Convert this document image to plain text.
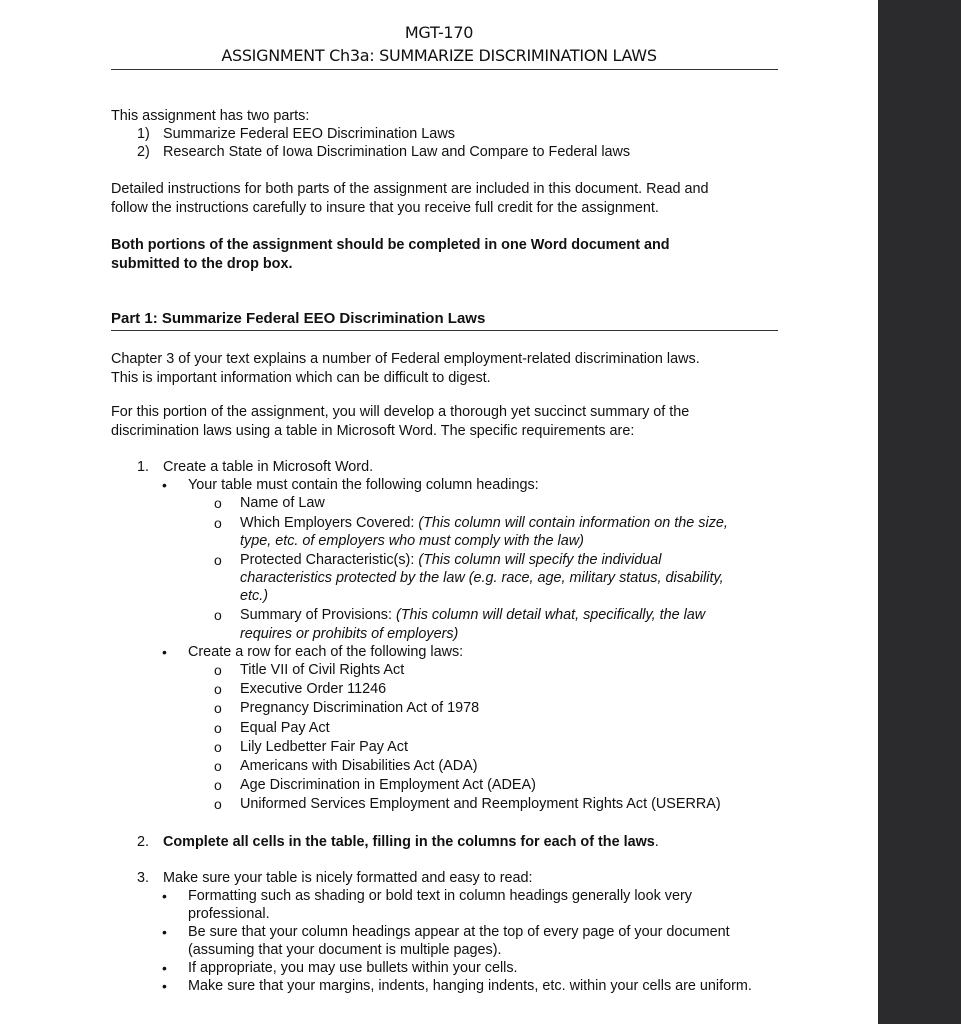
MGT-170
ASSIGNMENT Ch3a: SUMMARIZE DISCRIMINATION LAWS
This assignment has two parts:
1) Summarize Federal EEO Discrimination Laws
2) Research State of Iowa Discrimination Law and Compare to Federal laws
Detailed instructions for both parts of the assignment are included in this document. Read and
follow the instructions carefully to insure that you receive full credit for the assignment.
Both portions of the assignment should be completed in one Word document and
submitted to the drop box.
Part 1: Summarize Federal EEO Discrimination Laws
Chapter 3 of your text explains a number of Federal employment-related discrimination laws.
This is important information which can be difficult to digest.
For this portion of the assignment, you will develop a thorough yet succinct summary of the
discrimination laws using a table in Microsoft Word. The specific requirements are:
1. Create a table in Microsoft Word.
• Your table must contain the following column headings:
o Name of Law
o Which Employers Covered: (This column will contain information on the size,
type, etc. of employers who must comply with the law)
o Protected Characteristic(s): (This column will specify the individual
characteristics protected by the law (e.g. race, age, military status, disability,
etc.)
o Summary of Provisions: (This column will detail what, specifically, the law
requires or prohibits of employers)
• Create a row for each of the following laws:
o Title VII of Civil Rights Act
o Executive Order 11246
o Pregnancy Discrimination Act of 1978
o Equal Pay Act
o Lily Ledbetter Fair Pay Act
o Americans with Disabilities Act (ADA)
o Age Discrimination in Employment Act (ADEA)
o Uniformed Services Employment and Reemployment Rights Act (USERRA)
2. Complete all cells in the table, filling in the columns for each of the laws.
3. Make sure your table is nicely formatted and easy to read:
• Formatting such as shading or bold text in column headings generally look very
professional.
• Be sure that your column headings appear at the top of every page of your document
(assuming that your document is multiple pages).
• If appropriate, you may use bullets within your cells.
• Make sure that your margins, indents, hanging indents, etc. within your cells are uniform.
